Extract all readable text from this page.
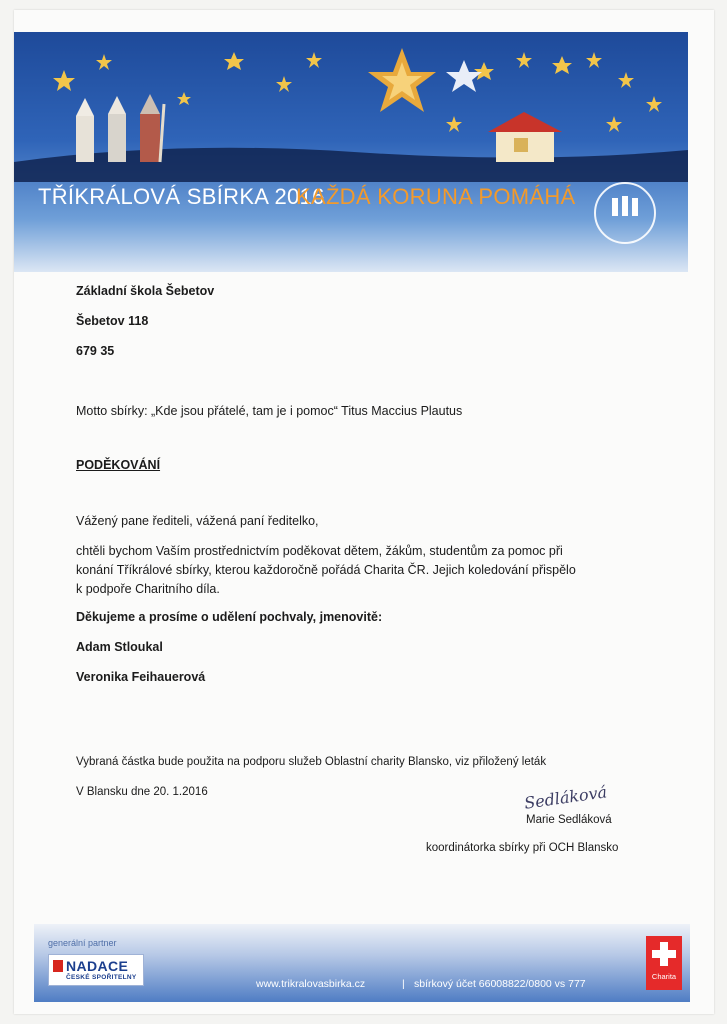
TŘÍKRÁLOVÁ SBÍRKA 2016
KAŽDÁ KORUNA POMÁHÁ
Základní škola Šebetov
Šebetov 118
679 35
Motto sbírky: „Kde jsou přátelé, tam je i pomoc“ Titus Maccius Plautus
PODĚKOVÁNÍ
Vážený pane řediteli, vážená paní ředitelko,
chtěli bychom Vaším prostřednictvím poděkovat dětem, žákům, studentům za pomoc při
konání Tříkrálové sbírky, kterou každoročně pořádá Charita ČR. Jejich koledování přispělo
k podpoře Charitního díla.
Děkujeme a prosíme o udělení pochvaly, jmenovitě:
Adam Stloukal
Veronika Feihauerová
Vybraná částka bude použita na podporu služeb Oblastní charity Blansko, viz přiložený leták
V Blansku dne 20. 1.2016	Sedláková
Marie Sedláková
koordinátorka sbírky při OCH Blansko
generální partner
NADACE
ČESKÉ SPOŘITELNY
www.trikralovasbirka.cz	| sbírkový účet 66008822/0800 vs 777
Charita
